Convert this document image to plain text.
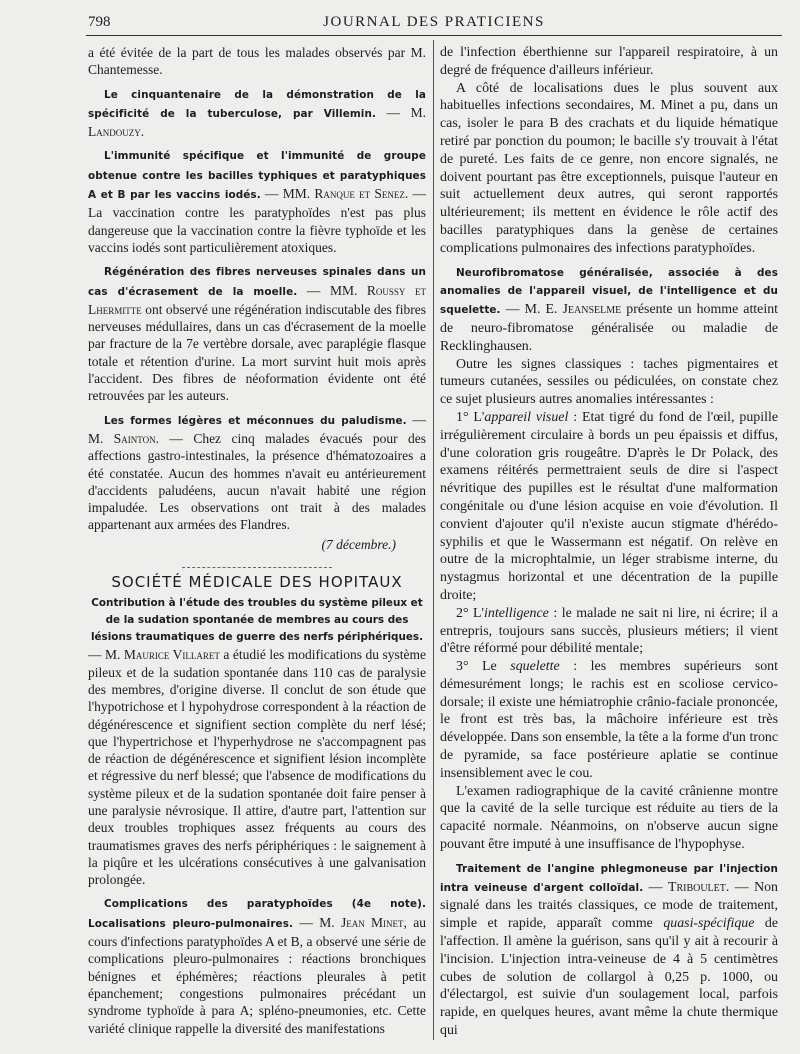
798	JOURNAL DES PRATICIENS

a été évitée de la part de tous les malades observés par M. Chantemesse.

Le cinquantenaire de la démonstration de la spécificité de la tuberculose, par Villemin. — M. Landouzy.

L'immunité spécifique et l'immunité de groupe obtenue contre les bacilles typhiques et paratyphiques A et B par les vaccins iodés. — MM. Ranque et Senez. — La vaccination contre les paratyphoïdes n'est pas plus dangereuse que la vaccination contre la fièvre typhoïde et les vaccins iodés sont particulièrement atoxiques.

Régénération des fibres nerveuses spinales dans un cas d'écrasement de la moelle. — MM. Roussy et Lhermitte ont observé une régénération indiscutable des fibres nerveuses médullaires, dans un cas d'écrasement de la moelle par fracture de la 7e vertèbre dorsale, avec paraplégie flasque totale et rétention d'urine. La mort survint huit mois après l'accident. Des fibres de néoformation évidente ont été retrouvées par les auteurs.

Les formes légères et méconnues du paludisme. — M. Sainton. — Chez cinq malades évacués pour des affections gastro-intestinales, la présence d'hématozoaires a été constatée. Aucun des hommes n'avait eu antérieurement d'accidents paludéens, aucun n'avait habité une région impaludée. Les observations ont trait à des malades appartenant aux armées des Flandres.

(7 décembre.)

SOCIÉTÉ MÉDICALE DES HOPITAUX

Contribution à l'étude des troubles du système pileux et de la sudation spontanée de membres au cours des lésions traumatiques de guerre des nerfs périphériques.
— M. Maurice Villaret a étudié les modifications du système pileux et de la sudation spontanée dans 110 cas de paralysie des membres, d'origine diverse. Il conclut de son étude que l'hypotrichose et l hypohydrose correspondent à la réaction de dégénérescence et signifient section complète du nerf lésé; que l'hypertrichose et l'hyperhydrose ne s'accompagnent pas de réaction de dégénérescence et signifient lésion incomplète et régressive du nerf blessé; que l'absence de modifications du système pileux et de la sudation spontanée doit faire penser à une paralysie névrosique. Il attire, d'autre part, l'attention sur deux troubles trophiques assez fréquents au cours des traumatismes graves des nerfs périphériques : le saignement à la piqûre et les ulcérations consécutives à une galvanisation prolongée.

Complications des paratyphoïdes (4e note). Localisations pleuro-pulmonaires. — M. Jean Minet, au cours d'infections paratyphoïdes A et B, a observé une série de complications pleuro-pulmonaires : réactions bronchiques bénignes et éphémères; réactions pleurales à petit épanchement; congestions pulmonaires précédant un syndrome typhoïde à para A; spléno-pneumonies, etc. Cette variété clinique rappelle la diversité des manifestations

de l'infection éberthienne sur l'appareil respiratoire, à un degré de fréquence d'ailleurs inférieur.

A côté de localisations dues le plus souvent aux habituelles infections secondaires, M. Minet a pu, dans un cas, isoler le para B des crachats et du liquide hématique retiré par ponction du poumon; le bacille s'y trouvait à l'état de pureté. Les faits de ce genre, non encore signalés, ne doivent pourtant pas être exceptionnels, puisque l'auteur en suit actuellement deux autres, qui seront rapportés ultérieurement; ils mettent en évidence le rôle actif des bacilles paratyphiques dans la genèse de certaines complications pulmonaires des infections paratyphoïdes.

Neurofibromatose généralisée, associée à des anomalies de l'appareil visuel, de l'intelligence et du squelette. — M. E. Jeanselme présente un homme atteint de neuro-fibromatose généralisée ou maladie de Recklinghausen.

Outre les signes classiques : taches pigmentaires et tumeurs cutanées, sessiles ou pédiculées, on constate chez ce sujet plusieurs autres anomalies intéressantes :

1° L'appareil visuel : Etat tigré du fond de l'œil, pupille irrégulièrement circulaire à bords un peu épaissis et diffus, d'une coloration gris rougeâtre. D'après le Dr Polack, des examens réitérés permettraient seuls de dire si l'aspect névritique des pupilles est le résultat d'une malformation congénitale ou d'une lésion acquise en voie d'évolution. Il convient d'ajouter qu'il n'existe aucun stigmate d'hérédo-syphilis et que le Wassermann est négatif. On relève en outre de la microphtalmie, un léger strabisme interne, du nystagmus horizontal et une décentration de la pupille droite;

2° L'intelligence : le malade ne sait ni lire, ni écrire; il a entrepris, toujours sans succès, plusieurs métiers; il vient d'être réformé pour débilité mentale;

3° Le squelette : les membres supérieurs sont démesurément longs; le rachis est en scoliose cervico-dorsale; il existe une hémiatrophie crânio-faciale prononcée, le front est très bas, la mâchoire inférieure est très développée. Dans son ensemble, la tête a la forme d'un tronc de pyramide, sa face postérieure aplatie se continue insensiblement avec le cou.

L'examen radiographique de la cavité crânienne montre que la cavité de la selle turcique est réduite au tiers de la capacité normale. Néanmoins, on n'observe aucun signe pouvant être imputé à une insuffisance de l'hypophyse.

Traitement de l'angine phlegmoneuse par l'injection intra veineuse d'argent colloïdal. — Triboulet. — Non signalé dans les traités classiques, ce mode de traitement, simple et rapide, apparaît comme quasi-spécifique de l'affection. Il amène la guérison, sans qu'il y ait à recourir à l'incision. L'injection intra-veineuse de 4 à 5 centimètres cubes de solution de collargol à 0,25 p. 1000, ou d'électargol, est suivie d'un soulagement local, parfois rapide, en quelques heures, avant même la chute thermique qui
